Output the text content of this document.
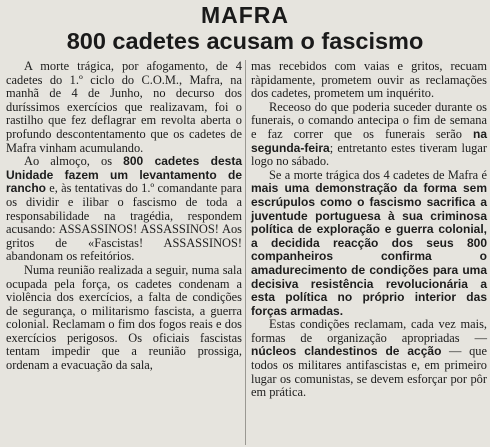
MAFRA
800 cadetes acusam o fascismo

A morte trágica, por afogamento, de 4 cadetes do 1.º ciclo do C.O.M., Mafra, na manhã de 4 de Junho, no decurso dos duríssimos exercícios que realizavam, foi o rastilho que fez deflagrar em revolta aberta o profundo descontentamento que os cadetes de Mafra vinham acumulando.

Ao almoço, os 800 cadetes desta Unidade fazem um levantamento de rancho e, às tentativas do 1.º comandante para os dividir e ilibar o fascismo de toda a responsabilidade na tragédia, respondem acusando: ASSASSINOS! ASSASSINOS! Aos gritos de «Fascistas! ASSASSINOS! abandonam os refeitórios.

Numa reunião realizada a seguir, numa sala ocupada pela força, os cadetes condenam a violência dos exercícios, a falta de condições de segurança, o militarismo fascista, a guerra colonial. Reclamam o fim dos fogos reais e dos exercícios perigosos. Os oficiais fascistas tentam impedir que a reunião prossiga, ordenam a evacuação da sala,

mas recebidos com vaias e gritos, recuam ràpidamente, prometem ouvir as reclamações dos cadetes, prometem um inquérito.

Receoso do que poderia suceder durante os funerais, o comando antecipa o fim de semana e faz correr que os funerais serão na segunda-feira; entretanto estes tiveram lugar logo no sábado.

Se a morte trágica dos 4 cadetes de Mafra é mais uma demonstração da forma sem escrúpulos como o fascismo sacrifica a juventude portuguesa à sua criminosa política de exploração e guerra colonial, a decidida reacção dos seus 800 companheiros confirma o amadurecimento de condições para uma decisiva resistência revolucionária a esta política no próprio interior das forças armadas.

Estas condições reclamam, cada vez mais, formas de organização apropriadas — núcleos clandestinos de acção — que todos os militares antifascistas e, em primeiro lugar os comunistas, se devem esforçar por pôr em prática.
